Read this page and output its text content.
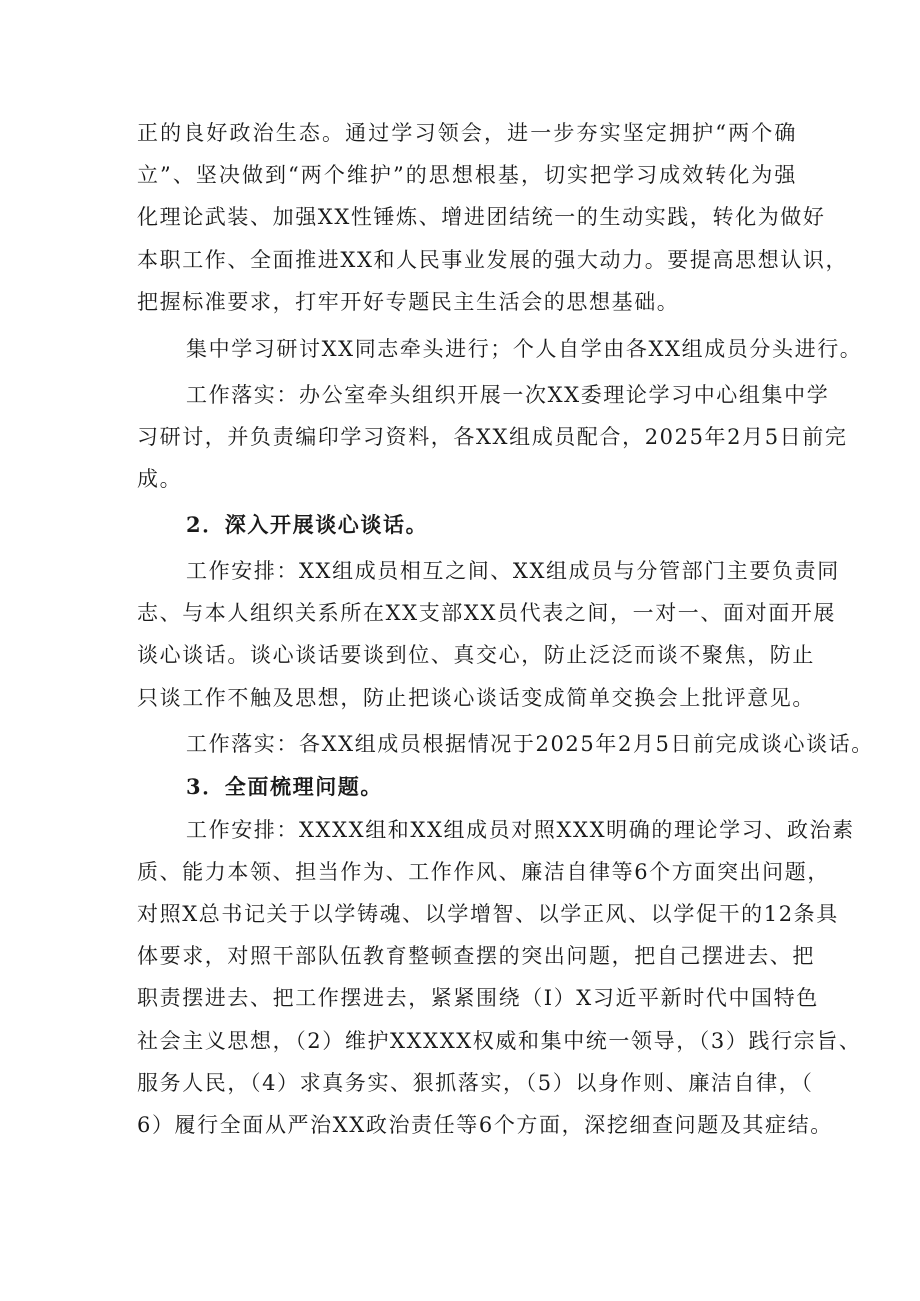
正的良好政治生态。通过学习领会，进一步夯实坚定拥护“两个确
立”、坚决做到“两个维护”的思想根基，切实把学习成效转化为强
化理论武装、加强XX性锤炼、增进团结统一的生动实践，转化为做好
本职工作、全面推进XX和人民事业发展的强大动力。要提高思想认识，
把握标准要求，打牢开好专题民主生活会的思想基础。
集中学习研讨XX同志牵头进行；个人自学由各XX组成员分头进行。
工作落实：办公室牵头组织开展一次XX委理论学习中心组集中学
习研讨，并负责编印学习资料，各XX组成员配合，2025年2月5日前完
成。
2．深入开展谈心谈话。
工作安排：XX组成员相互之间、XX组成员与分管部门主要负责同
志、与本人组织关系所在XX支部XX员代表之间，一对一、面对面开展
谈心谈话。谈心谈话要谈到位、真交心，防止泛泛而谈不聚焦，防止
只谈工作不触及思想，防止把谈心谈话变成简单交换会上批评意见。
工作落实：各XX组成员根据情况于2025年2月5日前完成谈心谈话。
3．全面梳理问题。
工作安排：XXXX组和XX组成员对照XXX明确的理论学习、政治素
质、能力本领、担当作为、工作作风、廉洁自律等6个方面突出问题，
对照X总书记关于以学铸魂、以学增智、以学正风、以学促干的12条具
体要求，对照干部队伍教育整顿查摆的突出问题，把自己摆进去、把
职责摆进去、把工作摆进去，紧紧围绕（I）X习近平新时代中国特色
社会主义思想，（2）维护XXXXX权威和集中统一领导，（3）践行宗旨、
服务人民，（4）求真务实、狠抓落实，（5）以身作则、廉洁自律，（
6）履行全面从严治XX政治责任等6个方面，深挖细查问题及其症结。
